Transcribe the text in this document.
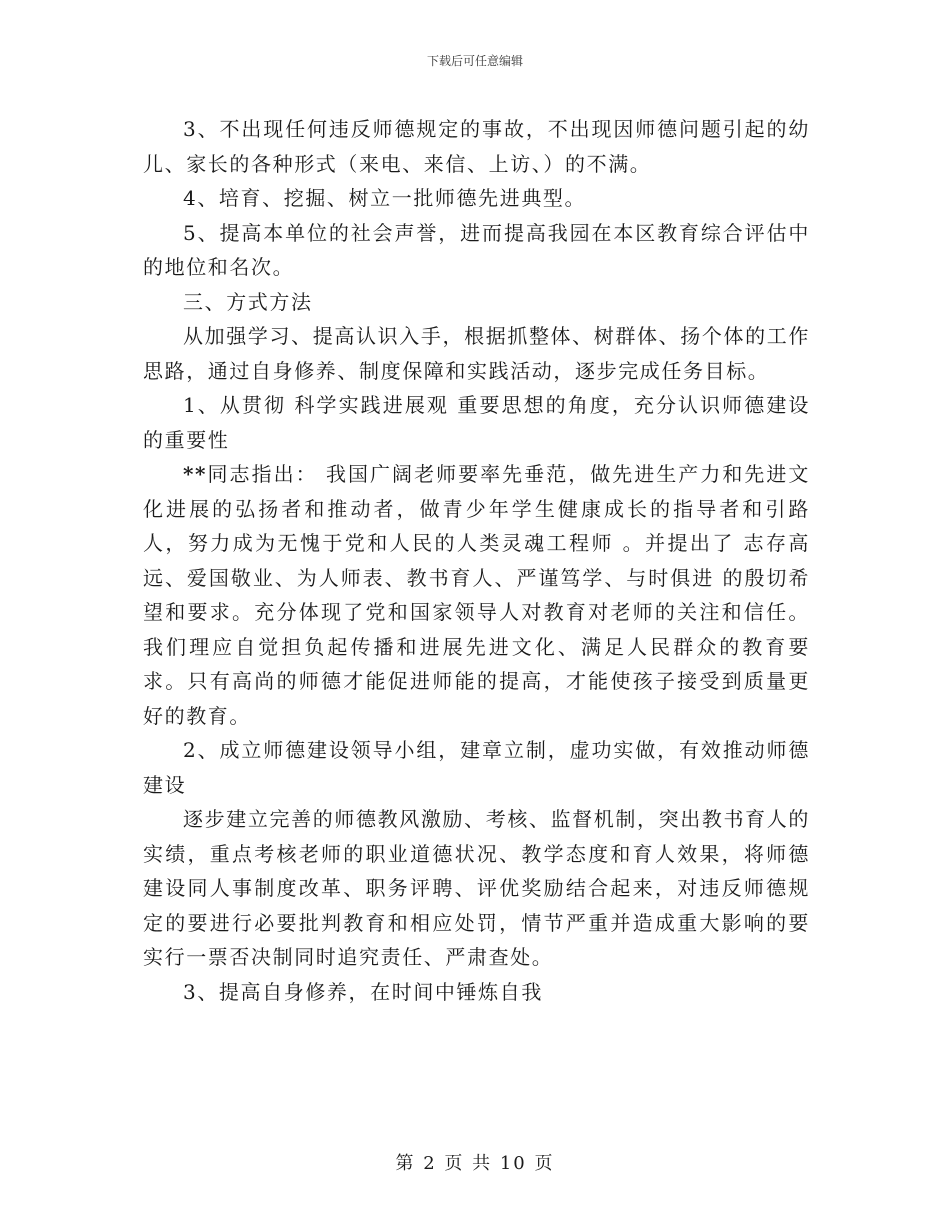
下载后可任意编辑

3、不出现任何违反师德规定的事故，不出现因师德问题引起的幼儿、家长的各种形式（来电、来信、上访、）的不满。

4、培育、挖掘、树立一批师德先进典型。

5、提高本单位的社会声誉，进而提高我园在本区教育综合评估中的地位和名次。

三、方式方法

从加强学习、提高认识入手，根据抓整体、树群体、扬个体的工作思路，通过自身修养、制度保障和实践活动，逐步完成任务目标。

1、从贯彻 科学实践进展观 重要思想的角度，充分认识师德建设的重要性

**同志指出： 我国广阔老师要率先垂范，做先进生产力和先进文化进展的弘扬者和推动者，做青少年学生健康成长的指导者和引路人，努力成为无愧于党和人民的人类灵魂工程师 。并提出了 志存高远、爱国敬业、为人师表、教书育人、严谨笃学、与时俱进 的殷切希望和要求。充分体现了党和国家领导人对教育对老师的关注和信任。我们理应自觉担负起传播和进展先进文化、满足人民群众的教育要求。只有高尚的师德才能促进师能的提高，才能使孩子接受到质量更好的教育。

2、成立师德建设领导小组，建章立制，虚功实做，有效推动师德建设

逐步建立完善的师德教风激励、考核、监督机制，突出教书育人的实绩，重点考核老师的职业道德状况、教学态度和育人效果，将师德建设同人事制度改革、职务评聘、评优奖励结合起来，对违反师德规定的要进行必要批判教育和相应处罚，情节严重并造成重大影响的要实行一票否决制同时追究责任、严肃查处。

3、提高自身修养，在时间中锤炼自我

第 2 页 共 10 页
